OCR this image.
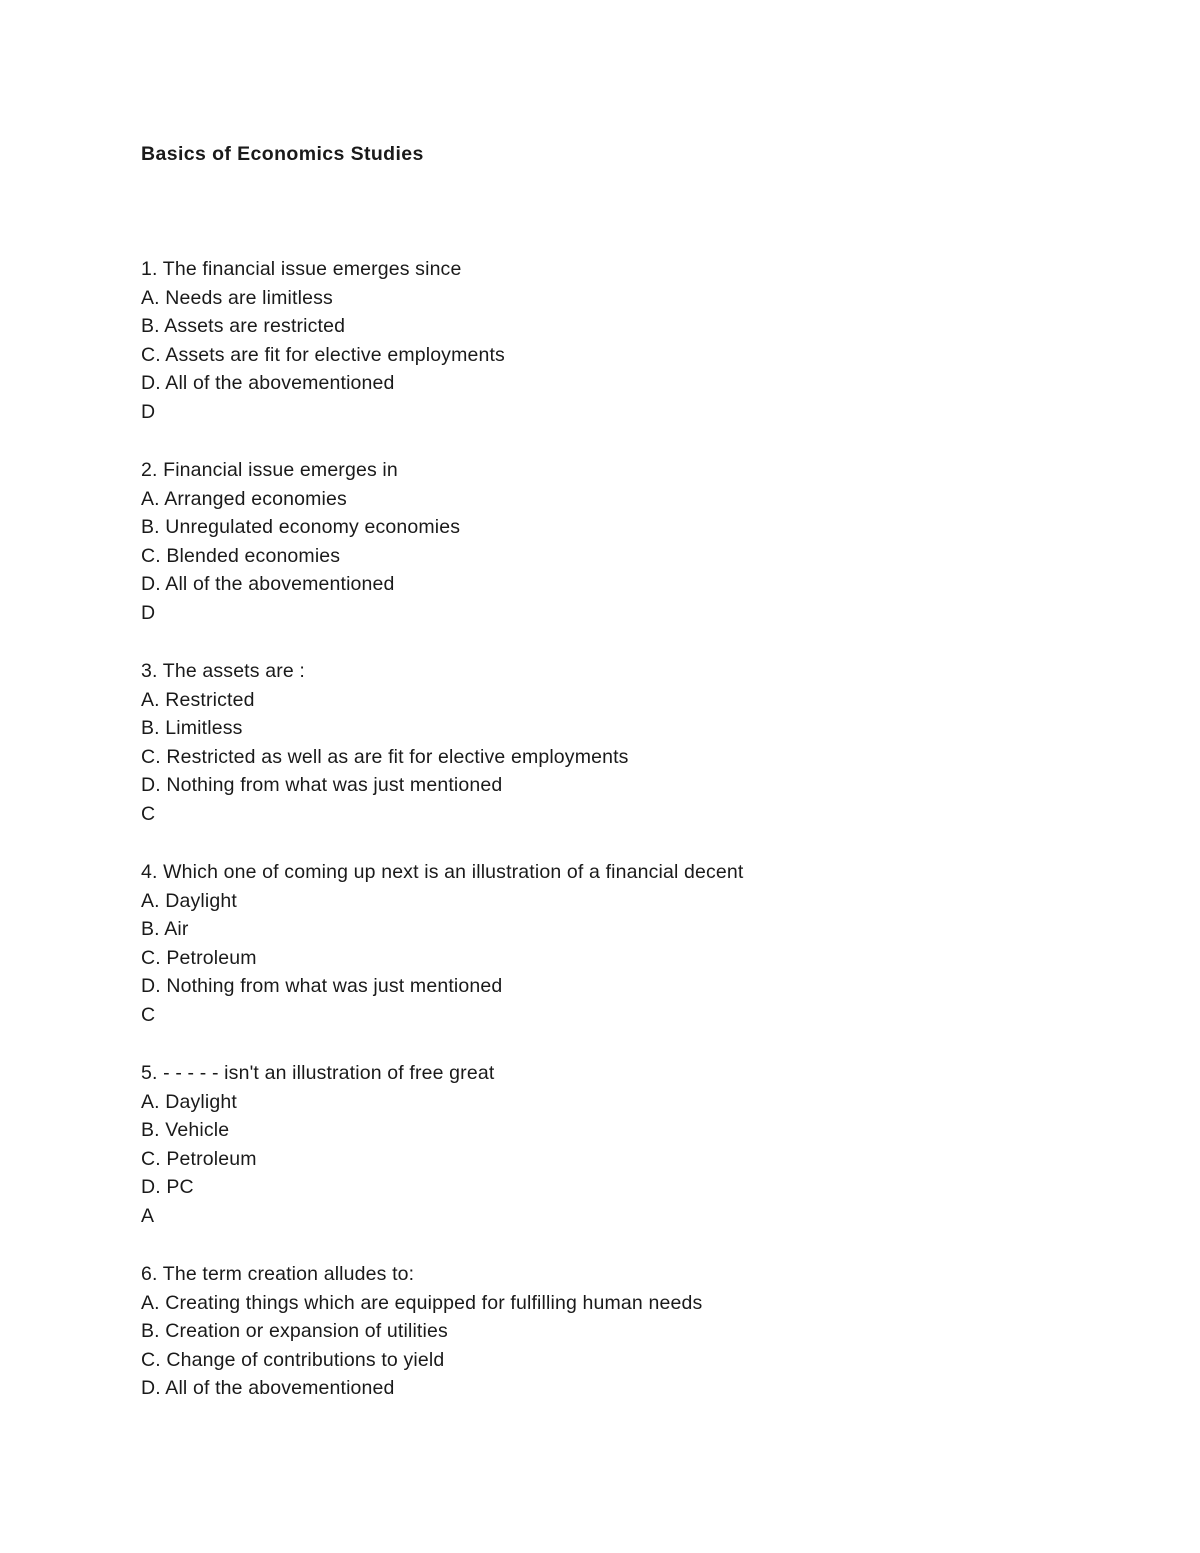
Basics of Economics Studies
1. The financial issue emerges since
A. Needs are limitless
B. Assets are restricted
C. Assets are fit for elective employments
D. All of the abovementioned
D
2. Financial issue emerges in
A. Arranged economies
B. Unregulated economy economies
C. Blended economies
D. All of the abovementioned
D
3. The assets are :
A. Restricted
B. Limitless
C. Restricted as well as are fit for elective employments
D. Nothing from what was just mentioned
C
4. Which one of coming up next is an illustration of a financial decent
A. Daylight
B. Air
C. Petroleum
D. Nothing from what was just mentioned
C
5. - - - - - isn't an illustration of free great
A. Daylight
B. Vehicle
C. Petroleum
D. PC
A
6. The term creation alludes to:
A. Creating things which are equipped for fulfilling human needs
B. Creation or expansion of utilities
C. Change of contributions to yield
D. All of the abovementioned
